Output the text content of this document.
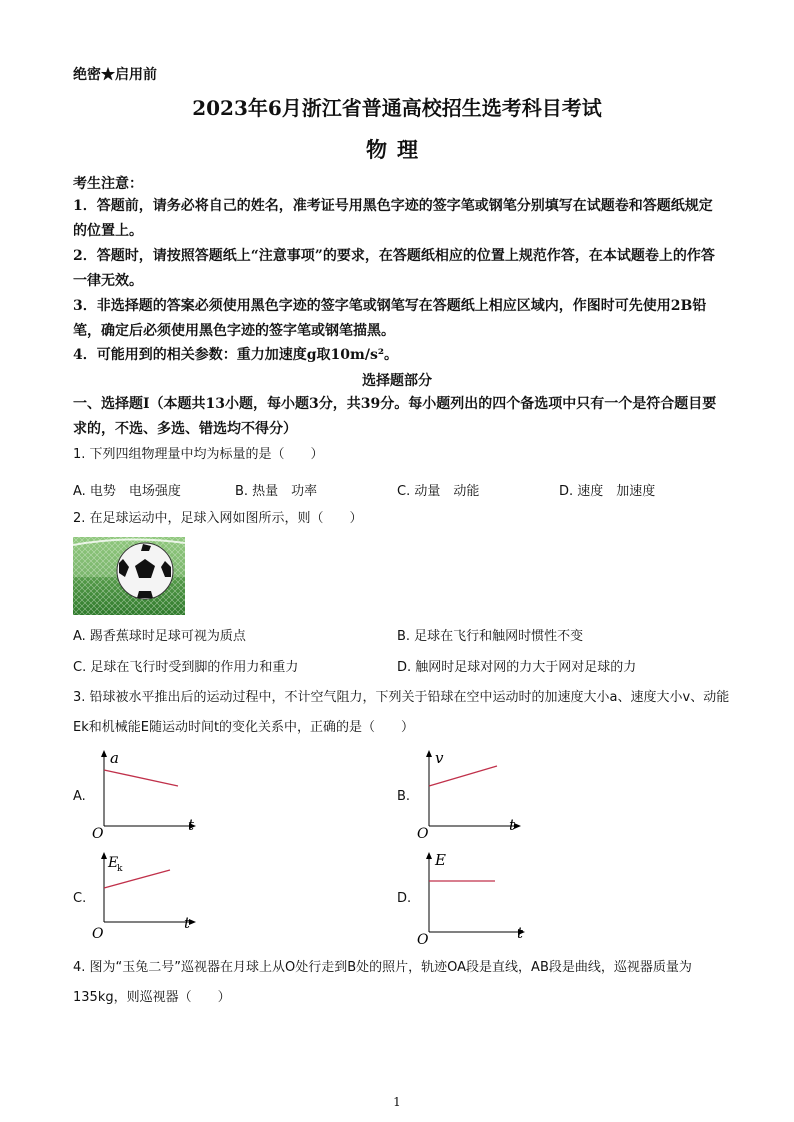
绝密★启用前
2023年6月浙江省普通高校招生选考科目考试
物理
考生注意：
1．答题前，请务必将自己的姓名，准考证号用黑色字迹的签字笔或钢笔分别填写在试题卷和答题纸规定的位置上。
2．答题时，请按照答题纸上“注意事项”的要求，在答题纸相应的位置上规范作答，在本试题卷上的作答一律无效。
3．非选择题的答案必须使用黑色字迹的签字笔或钢笔写在答题纸上相应区域内，作图时可先使用2B铅笔，确定后必须使用黑色字迹的签字笔或钢笔描黑。
4．可能用到的相关参数：重力加速度g取10m/s²。
选择题部分
一、选择题Ⅰ（本题共13小题，每小题3分，共39分。每小题列出的四个备选项中只有一个是符合题目要求的，不选、多选、错选均不得分）
1. 下列四组物理量中均为标量的是（　　）
A. 电势　电场强度	B. 热量　功率	C. 动量　动能	D. 速度　加速度
2. 在足球运动中，足球入网如图所示，则（　　）
A. 踢香蕉球时足球可视为质点	B. 足球在飞行和触网时惯性不变
C. 足球在飞行时受到脚的作用力和重力	D. 触网时足球对网的力大于网对足球的力
3. 铅球被水平推出后的运动过程中，不计空气阻力，下列关于铅球在空中运动时的加速度大小a、速度大小v、动能Ek和机械能E随运动时间t的变化关系中，正确的是（　　）
A.
a
O	t
B.
v
O	t
C.
E
k
O
t
D.
E
O	t
4. 图为“玉兔二号”巡视器在月球上从O处行走到B处的照片，轨迹OA段是直线，AB段是曲线，巡视器质量为135kg，则巡视器（　　）
1
